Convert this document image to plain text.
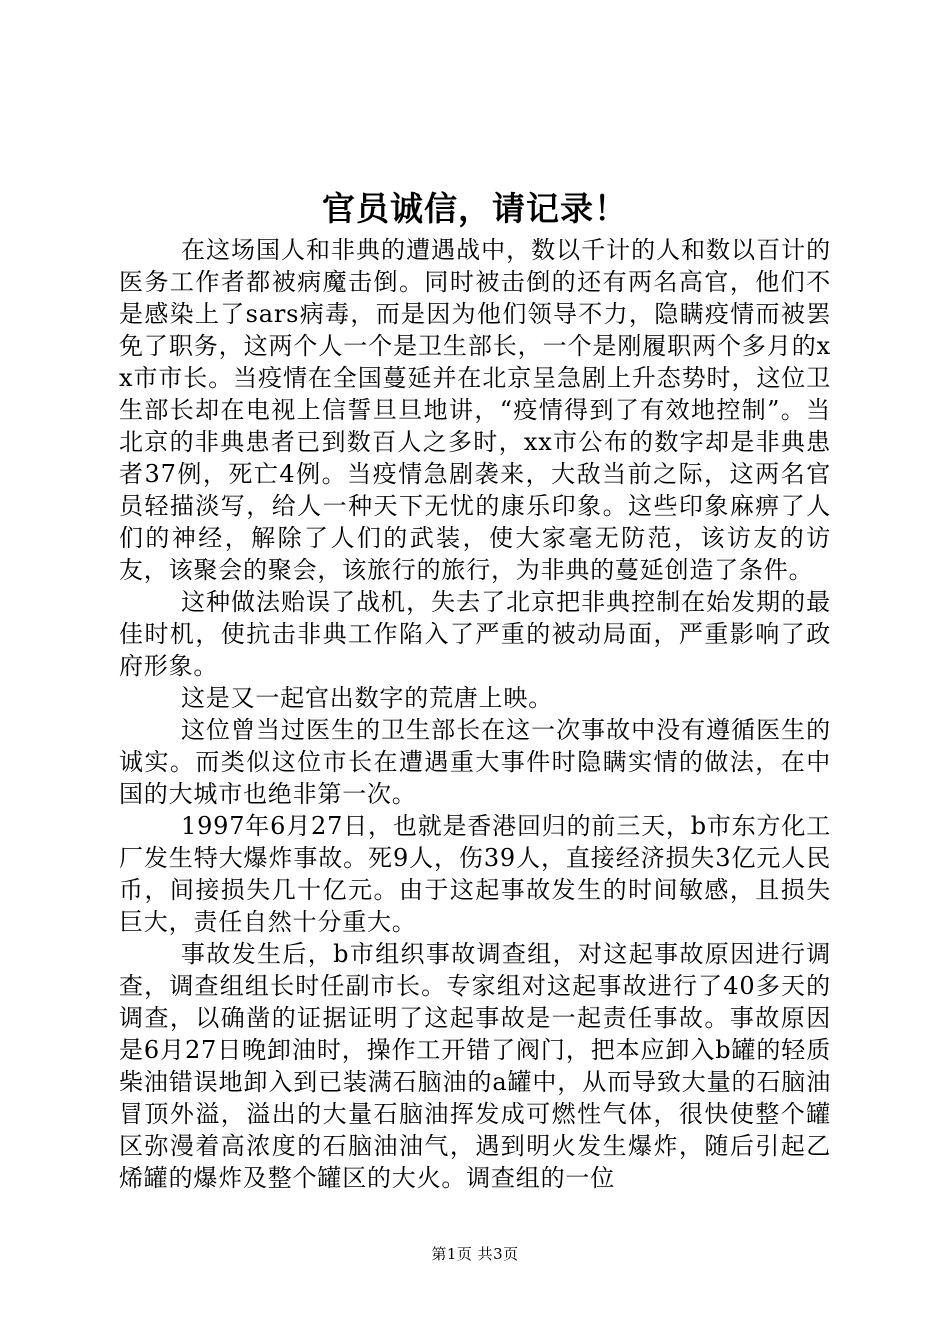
官员诚信，请记录！

在这场国人和非典的遭遇战中，数以千计的人和数以百计的医务工作者都被病魔击倒。同时被击倒的还有两名高官，他们不是感染上了sars病毒，而是因为他们领导不力，隐瞒疫情而被罢免了职务，这两个人一个是卫生部长，一个是刚履职两个多月的xx市市长。当疫情在全国蔓延并在北京呈急剧上升态势时，这位卫生部长却在电视上信誓旦旦地讲，“疫情得到了有效地控制”。当北京的非典患者已到数百人之多时，xx市公布的数字却是非典患者37例，死亡4例。当疫情急剧袭来，大敌当前之际，这两名官员轻描淡写，给人一种天下无忧的康乐印象。这些印象麻痹了人们的神经，解除了人们的武装，使大家毫无防范，该访友的访友，该聚会的聚会，该旅行的旅行，为非典的蔓延创造了条件。

这种做法贻误了战机，失去了北京把非典控制在始发期的最佳时机，使抗击非典工作陷入了严重的被动局面，严重影响了政府形象。

这是又一起官出数字的荒唐上映。

这位曾当过医生的卫生部长在这一次事故中没有遵循医生的诚实。而类似这位市长在遭遇重大事件时隐瞒实情的做法，在中国的大城市也绝非第一次。

1997年6月27日，也就是香港回归的前三天，b市东方化工厂发生特大爆炸事故。死9人，伤39人，直接经济损失3亿元人民币，间接损失几十亿元。由于这起事故发生的时间敏感，且损失巨大，责任自然十分重大。

事故发生后，b市组织事故调查组，对这起事故原因进行调查，调查组组长时任副市长。专家组对这起事故进行了40多天的调查，以确凿的证据证明了这起事故是一起责任事故。事故原因是6月27日晚卸油时，操作工开错了阀门，把本应卸入b罐的轻质柴油错误地卸入到已装满石脑油的a罐中，从而导致大量的石脑油冒顶外溢，溢出的大量石脑油挥发成可燃性气体，很快使整个罐区弥漫着高浓度的石脑油油气，遇到明火发生爆炸，随后引起乙烯罐的爆炸及整个罐区的大火。调查组的一位

第1页 共3页
